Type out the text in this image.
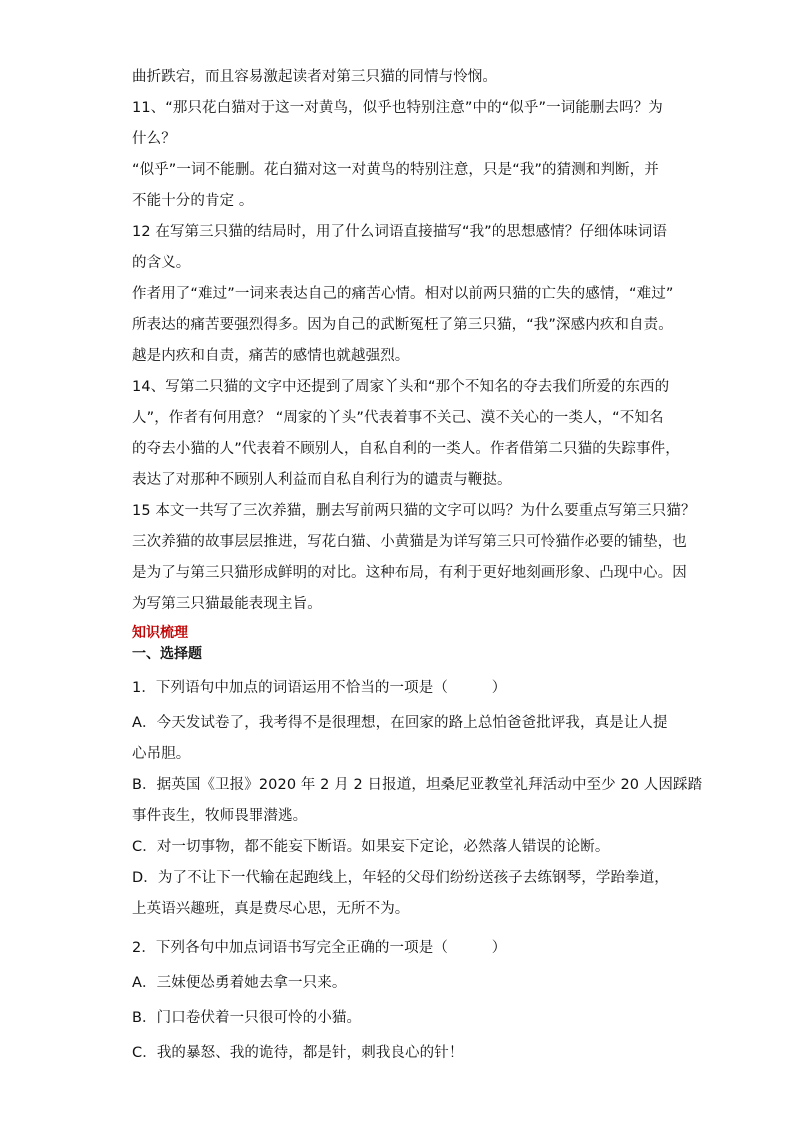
曲折跌宕，而且容易激起读者对第三只猫的同情与怜悯。
11、“那只花白猫对于这一对黄鸟，似乎也特别注意”中的“似乎”一词能删去吗？为
什么？
“似乎”一词不能删。花白猫对这一对黄鸟的特别注意，只是“我”的猜测和判断，并
不能十分的肯定 。
12 在写第三只猫的结局时，用了什么词语直接描写“我”的思想感情？仔细体味词语
的含义。
作者用了“难过”一词来表达自己的痛苦心情。相对以前两只猫的亡失的感情，“难过”
所表达的痛苦要强烈得多。因为自己的武断冤枉了第三只猫，“我”深感内疚和自责。
越是内疚和自责，痛苦的感情也就越强烈。
14、写第二只猫的文字中还提到了周家丫头和“那个不知名的夺去我们所爱的东西的
人”，作者有何用意？ “周家的丫头”代表着事不关己、漠不关心的一类人，“不知名
的夺去小猫的人”代表着不顾别人，自私自利的一类人。作者借第二只猫的失踪事件，
表达了对那种不顾别人利益而自私自利行为的谴责与鞭挞。
15 本文一共写了三次养猫，删去写前两只猫的文字可以吗？为什么要重点写第三只猫？
三次养猫的故事层层推进，写花白猫、小黄猫是为详写第三只可怜猫作必要的铺垫，也
是为了与第三只猫形成鲜明的对比。这种布局，有利于更好地刻画形象、凸现中心。因
为写第三只猫最能表现主旨。
知识梳理
一、选择题
1．下列语句中加点的词语运用不恰当的一项是（　　　）
A．今天发试卷了，我考得不是很理想，在回家的路上总怕爸爸批评我，真是让人提
心吊胆。
B．据英国《卫报》2020 年 2 月 2 日报道，坦桑尼亚教堂礼拜活动中至少 20 人因踩踏
事件丧生，牧师畏罪潜逃。
C．对一切事物，都不能妄下断语。如果妄下定论，必然落人错误的论断。
D．为了不让下一代输在起跑线上，年轻的父母们纷纷送孩子去练钢琴，学跆拳道，
上英语兴趣班，真是费尽心思，无所不为。
2．下列各句中加点词语书写完全正确的一项是（　　　）
A．三妹便怂勇着她去拿一只来。
B．门口卷伏着一只很可怜的小猫。
C．我的暴怒、我的诡待，都是针，刺我良心的针！
